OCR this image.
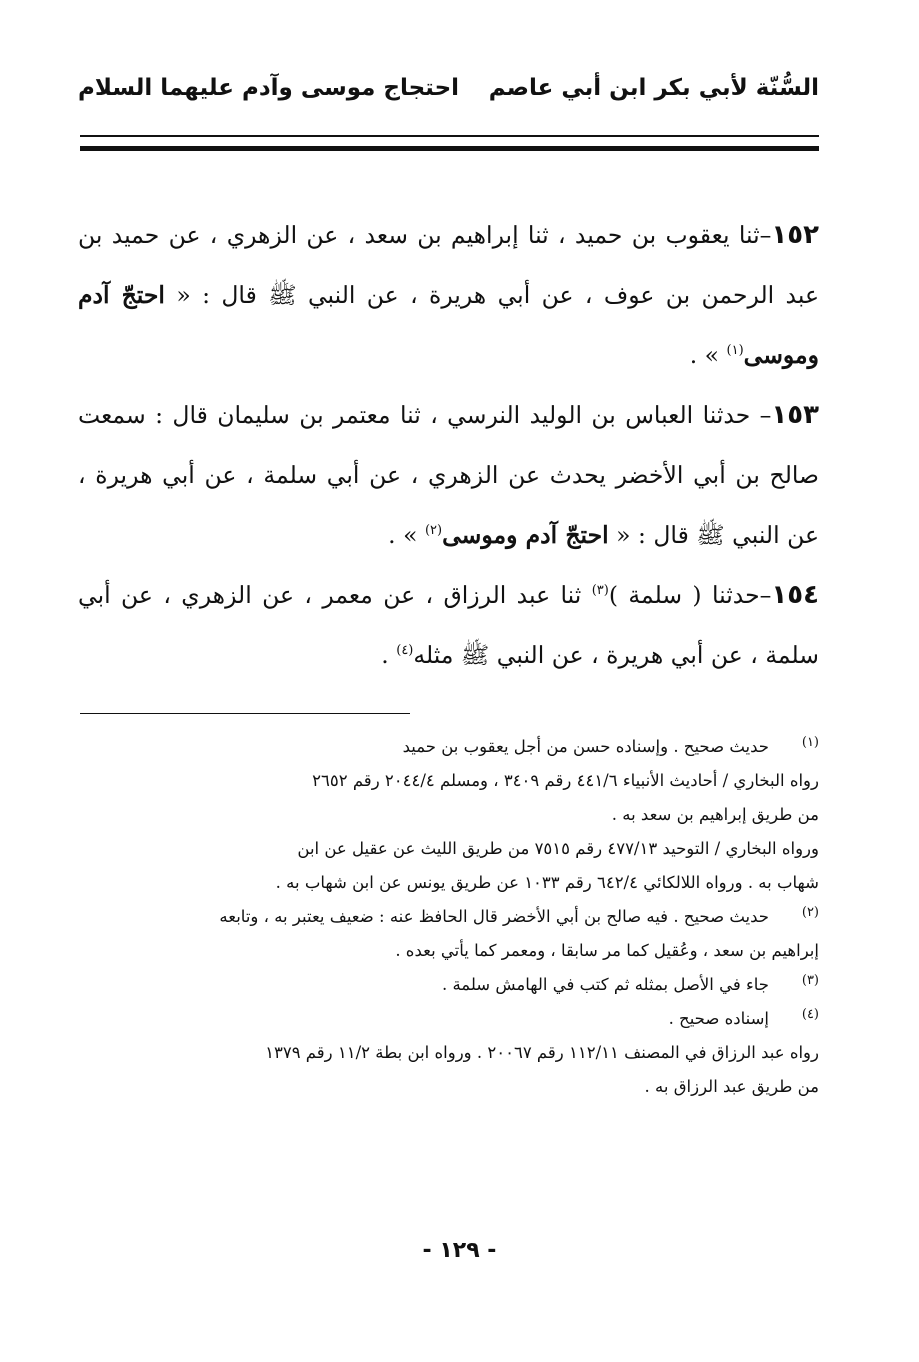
السُّنّة لأبي بكر ابن أبي عاصم
احتجاج موسى وآدم عليهما السلام

١٥٢–ثنا يعقوب بن حميد ، ثنا إبراهيم بن سعد ، عن الزهري ، عن حميد بن عبد الرحمن بن عوف ، عن أبي هريرة ، عن النبي ﷺ قال : « احتجّ آدم وموسى$^{(١)}$ » .

١٥٣– حدثنا العباس بن الوليد النرسي ، ثنا معتمر بن سليمان قال : سمعت صالح بن أبي الأخضر يحدث عن الزهري ، عن أبي سلمة ، عن أبي هريرة ، عن النبي ﷺ قال : « احتجّ آدم وموسى$^{(٢)}$ » .

١٥٤–حدثنا ( سلمة )$^{(٣)}$ ثنا عبد الرزاق ، عن معمر ، عن الزهري ، عن أبي سلمة ، عن أبي هريرة ، عن النبي ﷺ مثله$^{(٤)}$ .

(١)
حديث صحيح . وإسناده حسن من أجل يعقوب بن حميد
رواه البخاري / أحاديث الأنبياء ٤٤١/٦ رقم ٣٤٠٩ ، ومسلم ٢٠٤٤/٤ رقم ٢٦٥٢
من طريق إبراهيم بن سعد به .
ورواه البخاري / التوحيد ٤٧٧/١٣ رقم ٧٥١٥ من طريق الليث عن عقيل عن ابن
شهاب به . ورواه اللالكائي ٦٤٢/٤ رقم ١٠٣٣ عن طريق يونس عن ابن شهاب به .
(٢)
حديث صحيح . فيه صالح بن أبي الأخضر قال الحافظ عنه : ضعيف يعتبر به ، وتابعه
إبراهيم بن سعد ، وعُقيل كما مر سابقا ، ومعمر كما يأتي بعده .
(٣)
جاء في الأصل بمثله ثم كتب في الهامش سلمة .
(٤)
إسناده صحيح .
رواه عبد الرزاق في المصنف ١١٢/١١ رقم ٢٠٠٦٧ . ورواه ابن بطة ١١/٢ رقم ١٣٧٩
من طريق عبد الرزاق به .
- ١٢٩ -
